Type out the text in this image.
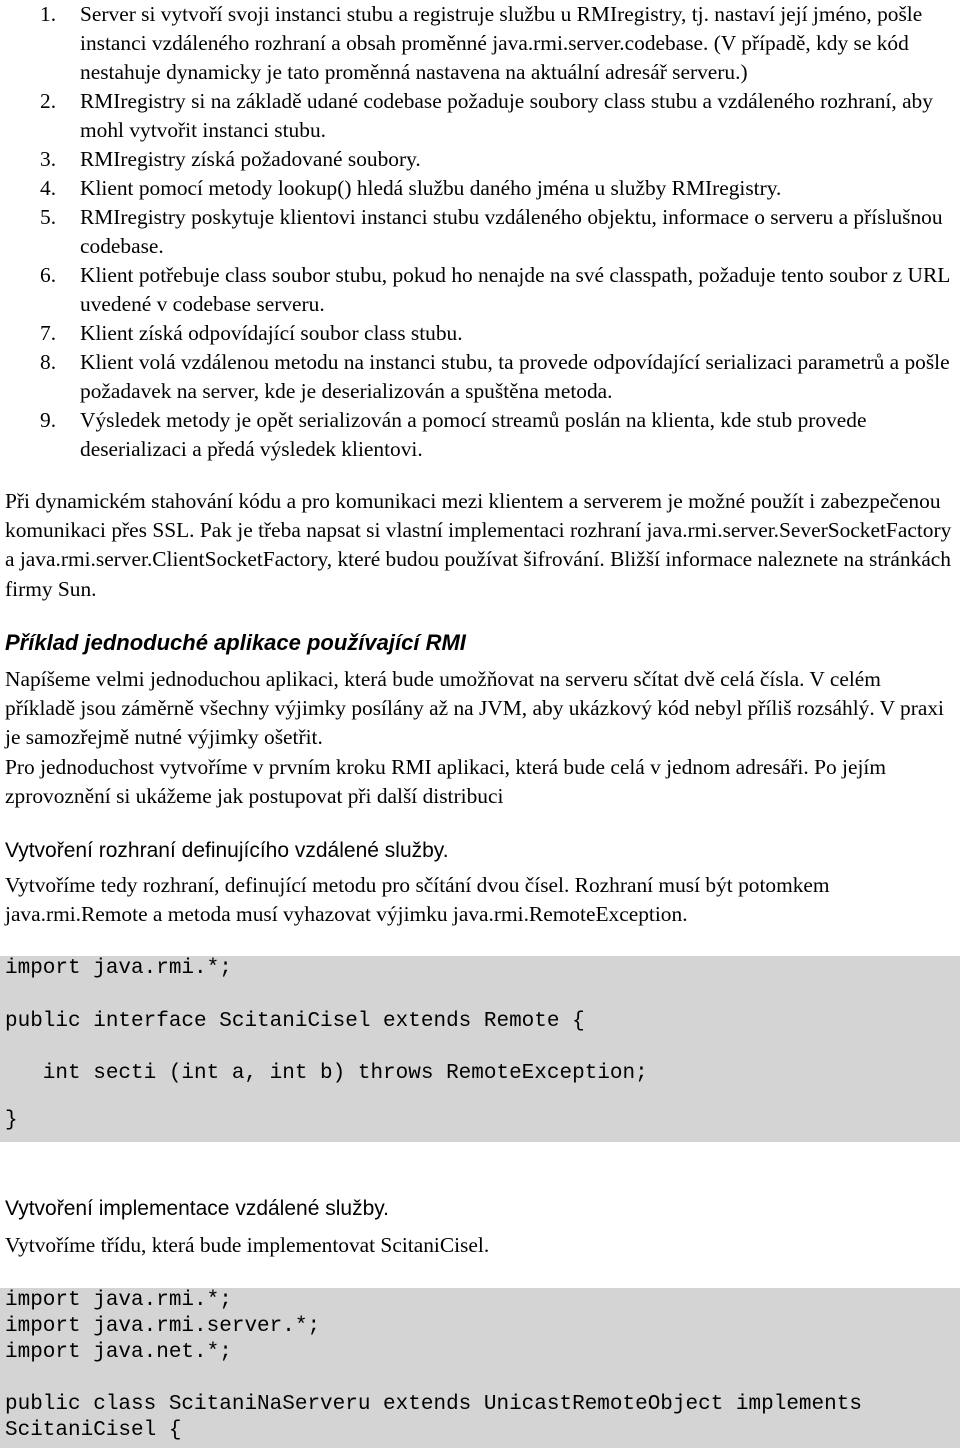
1.	Server si vytvoří svoji instanci stubu a registruje službu u RMIregistry, tj. nastaví její jméno, pošle instanci vzdáleného rozhraní a obsah proměnné java.rmi.server.codebase. (V případě, kdy se kód nestahuje dynamicky je tato proměnná nastavena na aktuální adresář serveru.)
2.	RMIregistry si na základě udané codebase požaduje soubory class stubu a vzdáleného rozhraní, aby mohl vytvořit instanci stubu.
3.	RMIregistry získá požadované soubory.
4.	Klient pomocí metody lookup() hledá službu daného jména u služby RMIregistry.
5.	RMIregistry poskytuje klientovi instanci stubu vzdáleného objektu, informace o serveru a příslušnou codebase.
6.	Klient potřebuje class soubor stubu, pokud ho nenajde na své classpath, požaduje tento soubor z URL uvedené v codebase serveru.
7.	Klient získá odpovídající soubor class stubu.
8.	Klient volá vzdálenou metodu na instanci stubu, ta provede odpovídající serializaci parametrů a pošle požadavek na server, kde je deserializován a spuštěna metoda.
9.	Výsledek metody je opět serializován a pomocí streamů poslán na klienta, kde stub provede deserializaci a předá výsledek klientovi.
Při dynamickém stahování kódu a pro komunikaci mezi klientem a serverem je možné použít i zabezpečenou komunikaci přes SSL. Pak je třeba napsat si vlastní implementaci rozhraní java.rmi.server.SeverSocketFactory a java.rmi.server.ClientSocketFactory, které budou používat šifrování. Bližší informace naleznete na stránkách firmy Sun.
Příklad jednoduché aplikace používající RMI
Napíšeme velmi jednoduchou aplikaci, která bude umožňovat na serveru sčítat dvě celá čísla. V celém příkladě jsou záměrně všechny výjimky posílány až na JVM, aby ukázkový kód nebyl příliš rozsáhlý. V praxi je samozřejmě nutné výjimky ošetřit.
Pro jednoduchost vytvoříme v prvním kroku RMI aplikaci, která bude celá v jednom adresáři. Po jejím zprovoznění si ukážeme jak postupovat při další distribuci
Vytvoření rozhraní definujícího vzdálené služby.
Vytvoříme tedy rozhraní, definující metodu pro sčítání dvou čísel. Rozhraní musí být potomkem java.rmi.Remote a metoda musí vyhazovat výjimku java.rmi.RemoteException.
import java.rmi.*;
public interface ScitaniCisel extends Remote {
int secti (int a, int b) throws RemoteException;
}
Vytvoření implementace vzdálené služby.
Vytvoříme třídu, která bude implementovat ScitaniCisel.
import java.rmi.*;
import java.rmi.server.*;
import java.net.*;
public class ScitaniNaServeru extends UnicastRemoteObject implements
ScitaniCisel {
